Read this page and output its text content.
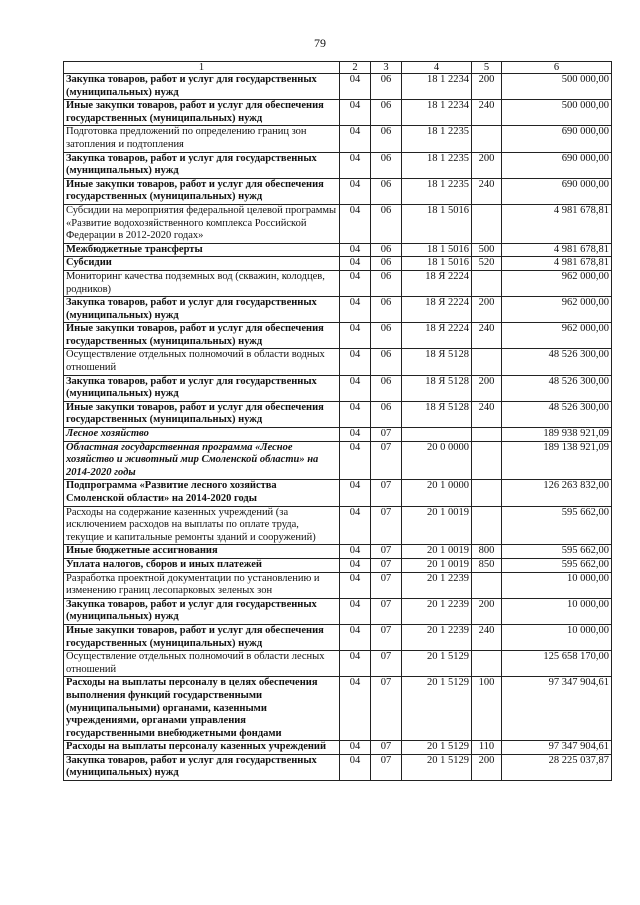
79
1	2	3	4	5	6
Закупка товаров, работ и услуг для государственных (муниципальных) нужд	04	06	18 1 2234	200	500 000,00
Иные закупки товаров, работ и услуг для обеспечения государственных (муниципальных) нужд	04	06	18 1 2234	240	500 000,00
Подготовка предложений по определению границ зон затопления и подтопления	04	06	18 1 2235		690 000,00
Закупка товаров, работ и услуг для государственных (муниципальных) нужд	04	06	18 1 2235	200	690 000,00
Иные закупки товаров, работ и услуг для обеспечения государственных (муниципальных) нужд	04	06	18 1 2235	240	690 000,00
Субсидии на мероприятия федеральной целевой программы «Развитие водохозяйственного комплекса Российской Федерации в 2012-2020 годах»	04	06	18 1 5016		4 981 678,81
Межбюджетные трансферты	04	06	18 1 5016	500	4 981 678,81
Субсидии	04	06	18 1 5016	520	4 981 678,81
Мониторинг качества подземных вод (скважин, колодцев, родников)	04	06	18 Я 2224		962 000,00
Закупка товаров, работ и услуг для государственных (муниципальных) нужд	04	06	18 Я 2224	200	962 000,00
Иные закупки товаров, работ и услуг для обеспечения государственных (муниципальных) нужд	04	06	18 Я 2224	240	962 000,00
Осуществление отдельных полномочий в области водных отношений	04	06	18 Я 5128		48 526 300,00
Закупка товаров, работ и услуг для государственных (муниципальных) нужд	04	06	18 Я 5128	200	48 526 300,00
Иные закупки товаров, работ и услуг для обеспечения государственных (муниципальных) нужд	04	06	18 Я 5128	240	48 526 300,00
Лесное хозяйство	04	07			189 938 921,09
Областная государственная программа «Лесное хозяйство и животный мир Смоленской области» на 2014-2020 годы	04	07	20 0 0000		189 138 921,09
Подпрограмма «Развитие лесного хозяйства Смоленской области» на 2014-2020 годы	04	07	20 1 0000		126 263 832,00
Расходы на содержание казенных учреждений (за исключением расходов на выплаты по оплате труда, текущие и капитальные ремонты зданий и сооружений)	04	07	20 1 0019		595 662,00
Иные бюджетные ассигнования	04	07	20 1 0019	800	595 662,00
Уплата налогов, сборов и иных платежей	04	07	20 1 0019	850	595 662,00
Разработка проектной документации по установлению и изменению границ лесопарковых зеленых зон	04	07	20 1 2239		10 000,00
Закупка товаров, работ и услуг для государственных (муниципальных) нужд	04	07	20 1 2239	200	10 000,00
Иные закупки товаров, работ и услуг для обеспечения государственных (муниципальных) нужд	04	07	20 1 2239	240	10 000,00
Осуществление отдельных полномочий в области лесных отношений	04	07	20 1 5129		125 658 170,00
Расходы на выплаты персоналу в целях обеспечения выполнения функций государственными (муниципальными) органами, казенными учреждениями, органами управления государственными внебюджетными фондами	04	07	20 1 5129	100	97 347 904,61
Расходы на выплаты персоналу казенных учреждений	04	07	20 1 5129	110	97 347 904,61
Закупка товаров, работ и услуг для государственных (муниципальных) нужд	04	07	20 1 5129	200	28 225 037,87
